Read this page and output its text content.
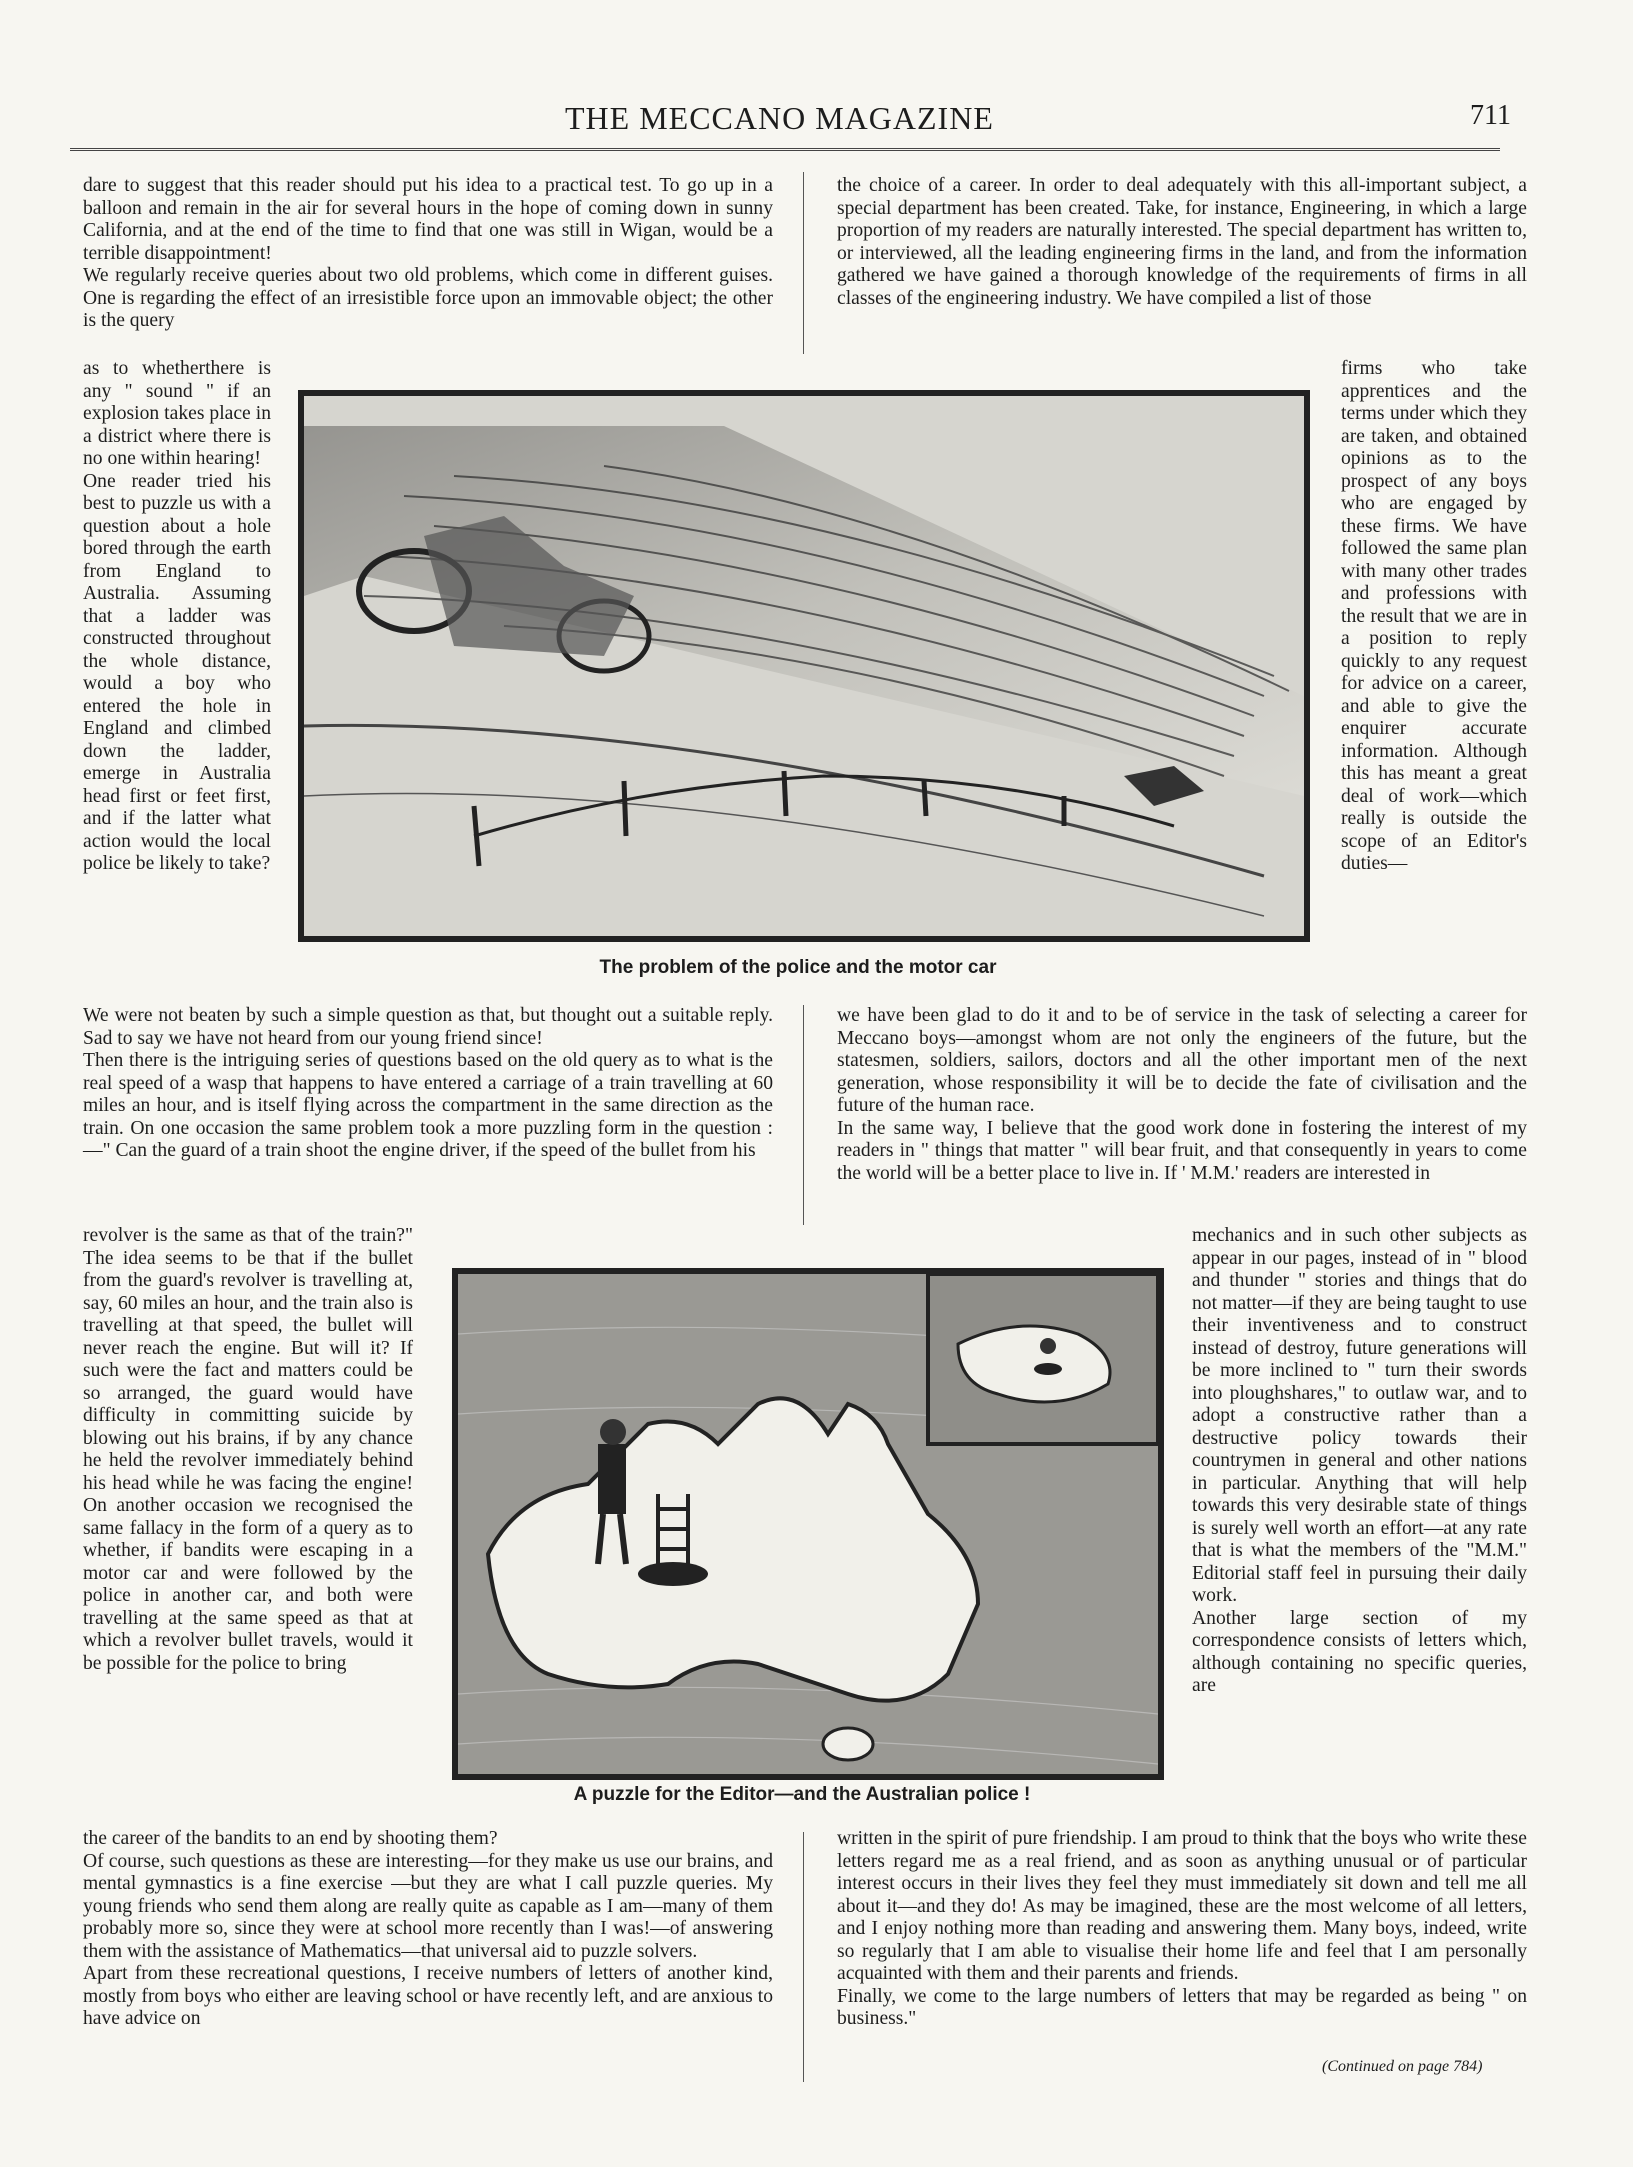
THE MECCANO MAGAZINE	711
dare to suggest that this reader should put his idea to a practical test. To go up in a balloon and remain in the air for several hours in the hope of coming down in sunny California, and at the end of the time to find that one was still in Wigan, would be a terrible disappointment!
We regularly receive queries about two old problems, which come in different guises. One is regarding the effect of an irresistible force upon an immovable object; the other is the query
as to whetherthere is any " sound " if an explosion takes place in a district where there is no one within hearing!
One reader tried his best to puzzle us with a question about a hole bored through the earth from England to Australia. Assuming that a ladder was constructed throughout the whole distance, would a boy who entered the hole in England and climbed down the ladder, emerge in Australia head first or feet first, and if the latter what action would the local police be likely to take?
We were not beaten by such a simple question as that, but thought out a suitable reply. Sad to say we have not heard from our young friend since!
Then there is the intriguing series of questions based on the old query as to what is the real speed of a wasp that happens to have entered a carriage of a train travelling at 60 miles an hour, and is itself flying across the compartment in the same direction as the train. On one occasion the same problem took a more puzzling form in the question :—" Can the guard of a train shoot the engine driver, if the speed of the bullet from his
revolver is the same as that of the train?" The idea seems to be that if the bullet from the guard's revolver is travelling at, say, 60 miles an hour, and the train also is travelling at that speed, the bullet will never reach the engine. But will it? If such were the fact and matters could be so arranged, the guard would have difficulty in committing suicide by blowing out his brains, if by any chance he held the revolver immediately behind his head while he was facing the engine! On another occasion we recognised the same fallacy in the form of a query as to whether, if bandits were escaping in a motor car and were followed by the police in another car, and both were travelling at the same speed as that at which a revolver bullet travels, would it be possible for the police to bring
the career of the bandits to an end by shooting them?
Of course, such questions as these are interesting—for they make us use our brains, and mental gymnastics is a fine exercise —but they are what I call puzzle queries. My young friends who send them along are really quite as capable as I am—many of them probably more so, since they were at school more recently than I was!—of answering them with the assistance of Mathematics—that universal aid to puzzle solvers.
Apart from these recreational questions, I receive numbers of letters of another kind, mostly from boys who either are leaving school or have recently left, and are anxious to have advice on
the choice of a career. In order to deal adequately with this all-important subject, a special department has been created. Take, for instance, Engineering, in which a large proportion of my readers are naturally interested. The special department has written to, or interviewed, all the leading engineering firms in the land, and from the information gathered we have gained a thorough knowledge of the requirements of firms in all classes of the engineering industry. We have compiled a list of those
firms who take apprentices and the terms under which they are taken, and obtained opinions as to the prospect of any boys who are engaged by these firms. We have followed the same plan with many other trades and professions with the result that we are in a position to reply quickly to any request for advice on a career, and able to give the enquirer accurate information. Although this has meant a great deal of work—which really is outside the scope of an Editor's duties—
we have been glad to do it and to be of service in the task of selecting a career for Meccano boys—amongst whom are not only the engineers of the future, but the statesmen, soldiers, sailors, doctors and all the other important men of the next generation, whose responsibility it will be to decide the fate of civilisation and the future of the human race.
In the same way, I believe that the good work done in fostering the interest of my readers in " things that matter " will bear fruit, and that consequently in years to come the world will be a better place to live in. If ' M.M.' readers are interested in
mechanics and in such other subjects as appear in our pages, instead of in " blood and thunder " stories and things that do not matter—if they are being taught to use their inventiveness and to construct instead of destroy, future generations will be more inclined to " turn their swords into ploughshares," to outlaw war, and to adopt a constructive rather than a destructive policy towards their countrymen in general and other nations in particular. Anything that will help towards this very desirable state of things is surely well worth an effort—at any rate that is what the members of the "M.M." Editorial staff feel in pursuing their daily work.
Another large section of my correspondence consists of letters which, although containing no specific queries, are
written in the spirit of pure friendship. I am proud to think that the boys who write these letters regard me as a real friend, and as soon as anything unusual or of particular interest occurs in their lives they feel they must immediately sit down and tell me all about it—and they do! As may be imagined, these are the most welcome of all letters, and I enjoy nothing more than reading and answering them. Many boys, indeed, write so regularly that I am able to visualise their home life and feel that I am personally acquainted with them and their parents and friends.
Finally, we come to the large numbers of letters that may be regarded as being " on business."
(Continued on page 784)
The problem of the police and the motor car
A puzzle for the Editor—and the Australian police !
